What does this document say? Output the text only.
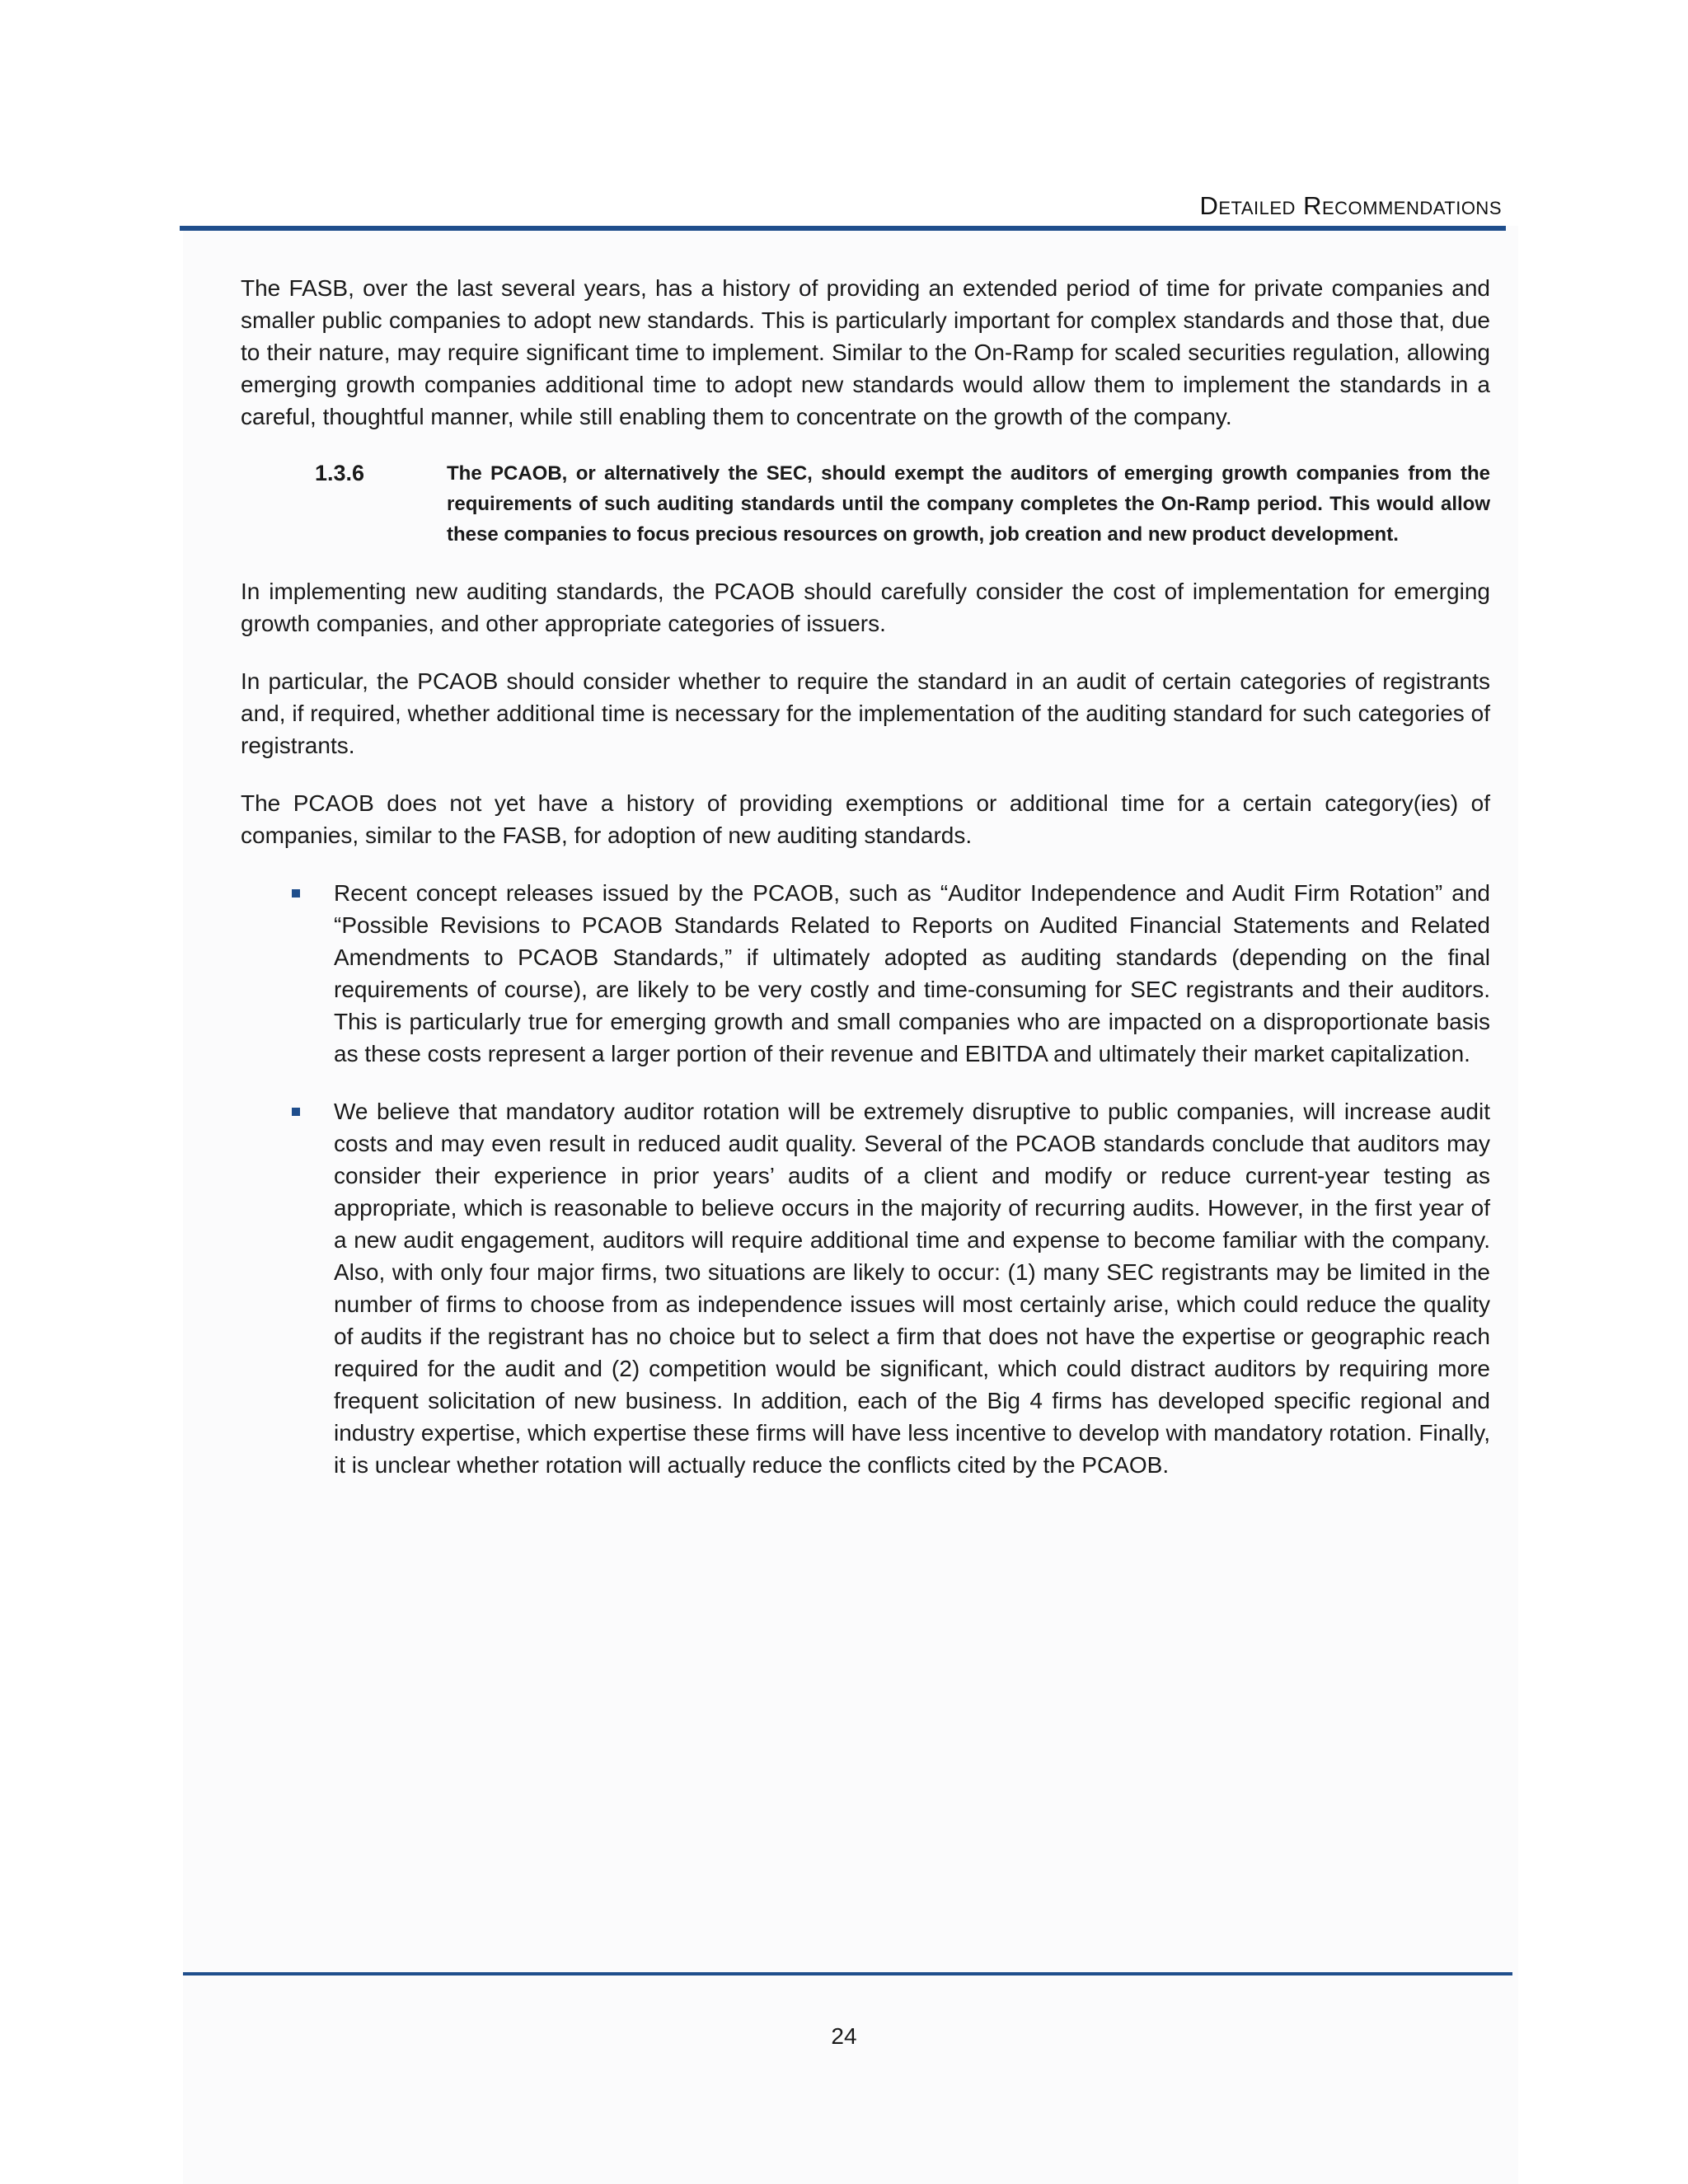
Detailed Recommendations

The FASB, over the last several years, has a history of providing an extended period of time for private companies and smaller public companies to adopt new standards. This is particularly important for complex standards and those that, due to their nature, may require significant time to implement. Similar to the On-Ramp for scaled securities regulation, allowing emerging growth companies additional time to adopt new standards would allow them to implement the standards in a careful, thoughtful manner, while still enabling them to concentrate on the growth of the company.

1.3.6	The PCAOB, or alternatively the SEC, should exempt the auditors of emerging growth companies from the requirements of such auditing standards until the company completes the On-Ramp period. This would allow these companies to focus precious resources on growth, job creation and new product development.

In implementing new auditing standards, the PCAOB should carefully consider the cost of implementation for emerging growth companies, and other appropriate categories of issuers.

In particular, the PCAOB should consider whether to require the standard in an audit of certain categories of registrants and, if required, whether additional time is necessary for the implementation of the auditing standard for such categories of registrants.

The PCAOB does not yet have a history of providing exemptions or additional time for a certain category(ies) of companies, similar to the FASB, for adoption of new auditing standards.

Recent concept releases issued by the PCAOB, such as “Auditor Independence and Audit Firm Rotation” and “Possible Revisions to PCAOB Standards Related to Reports on Audited Financial Statements and Related Amendments to PCAOB Standards,” if ultimately adopted as auditing standards (depending on the final requirements of course), are likely to be very costly and time-consuming for SEC registrants and their auditors. This is particularly true for emerging growth and small companies who are impacted on a disproportionate basis as these costs represent a larger portion of their revenue and EBITDA and ultimately their market capitalization.
We believe that mandatory auditor rotation will be extremely disruptive to public companies, will increase audit costs and may even result in reduced audit quality. Several of the PCAOB standards conclude that auditors may consider their experience in prior years’ audits of a client and modify or reduce current-year testing as appropriate, which is reasonable to believe occurs in the majority of recurring audits. However, in the first year of a new audit engagement, auditors will require additional time and expense to become familiar with the company. Also, with only four major firms, two situations are likely to occur: (1) many SEC registrants may be limited in the number of firms to choose from as independence issues will most certainly arise, which could reduce the quality of audits if the registrant has no choice but to select a firm that does not have the expertise or geographic reach required for the audit and (2) competition would be significant, which could distract auditors by requiring more frequent solicitation of new business. In addition, each of the Big 4 firms has developed specific regional and industry expertise, which expertise these firms will have less incentive to develop with mandatory rotation. Finally, it is unclear whether rotation will actually reduce the conflicts cited by the PCAOB.
24
